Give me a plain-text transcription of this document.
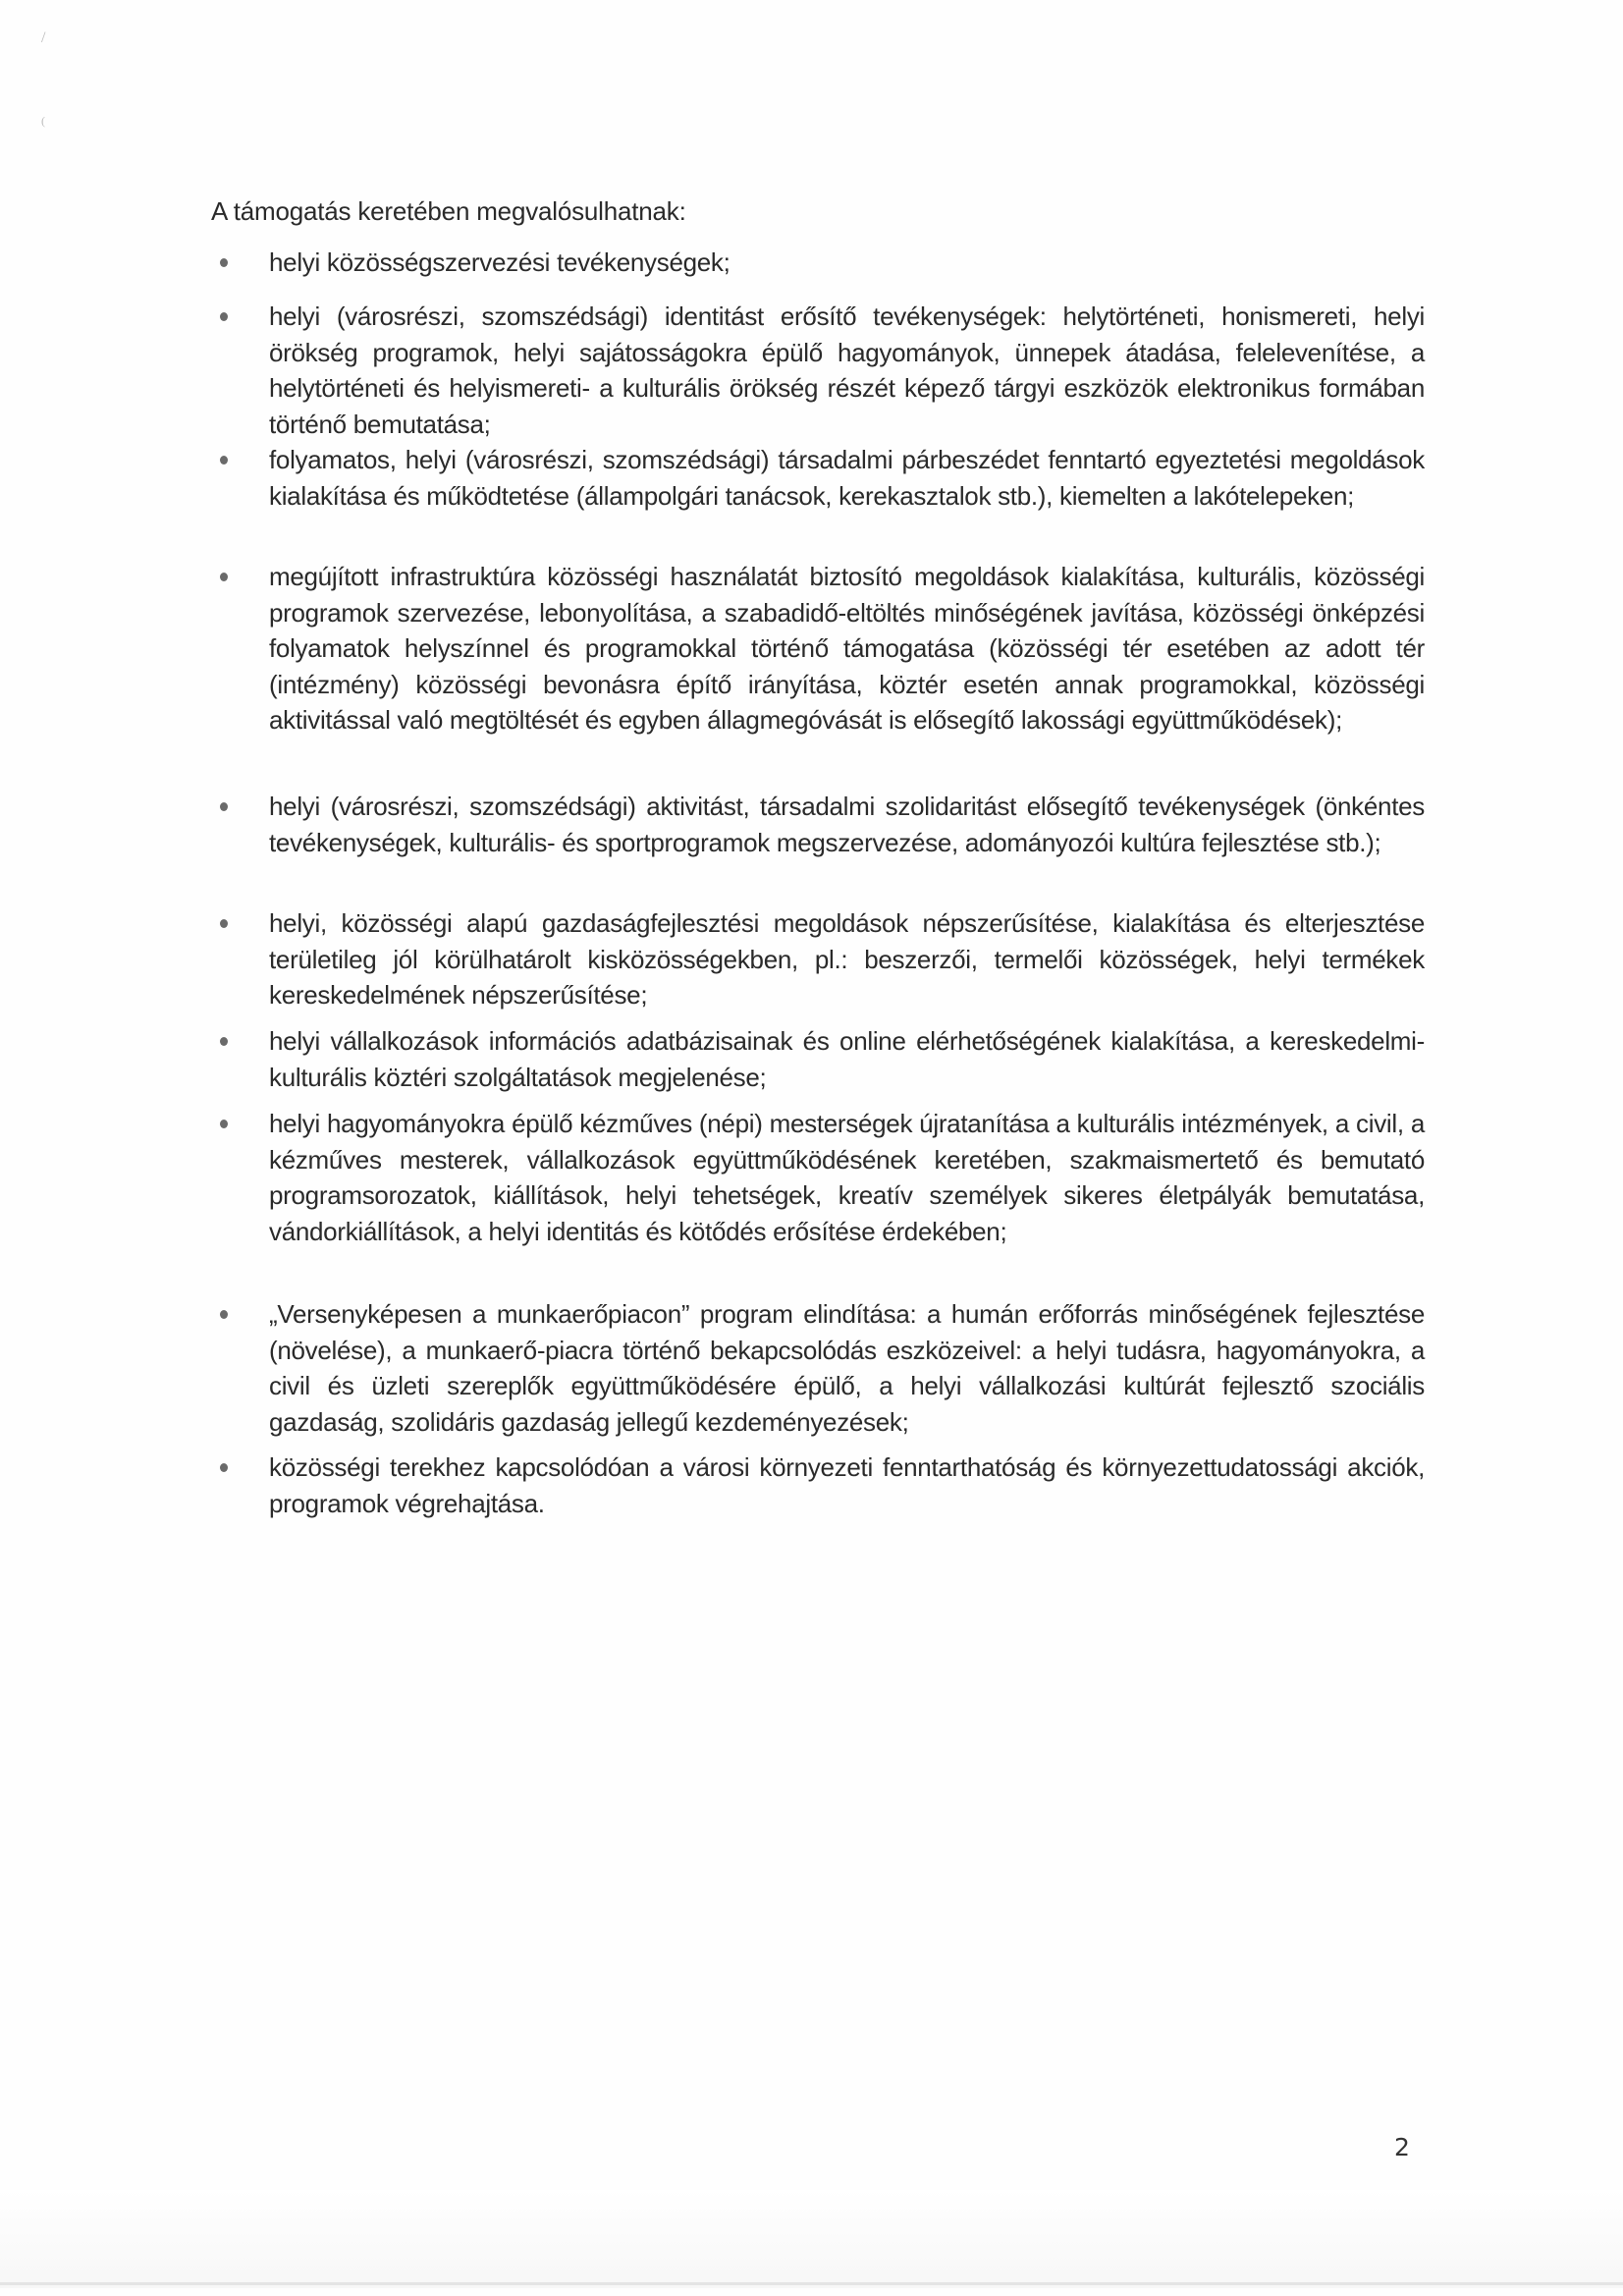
/
(
A támogatás keretében megvalósulhatnak:
helyi közösségszervezési tevékenységek;
helyi (városrészi, szomszédsági) identitást erősítő tevékenységek: helytörténeti, honismereti, helyi örökség programok, helyi sajátosságokra épülő hagyományok, ünnepek átadása, felelevenítése, a helytörténeti és helyismereti- a kulturális örökség részét képező tárgyi eszközök elektronikus formában történő bemutatása;
folyamatos, helyi (városrészi, szomszédsági) társadalmi párbeszédet fenntartó egyeztetési megoldások kialakítása és működtetése (állampolgári tanácsok, kerekasztalok stb.), kiemelten a lakótelepeken;
megújított infrastruktúra közösségi használatát biztosító megoldások kialakítása, kulturális, közösségi programok szervezése, lebonyolítása, a szabadidő-eltöltés minőségének javítása, közösségi önképzési folyamatok helyszínnel és programokkal történő támogatása (közösségi tér esetében az adott tér (intézmény) közösségi bevonásra építő irányítása, köztér esetén annak programokkal, közösségi aktivitással való megtöltését és egyben állagmegóvását is elősegítő lakossági együttműködések);
helyi (városrészi, szomszédsági) aktivitást, társadalmi szolidaritást elősegítő tevékenységek (önkéntes tevékenységek, kulturális- és sportprogramok megszervezése, adományozói kultúra fejlesztése stb.);
helyi, közösségi alapú gazdaságfejlesztési megoldások népszerűsítése, kialakítása és elterjesztése területileg jól körülhatárolt kisközösségekben, pl.: beszerzői, termelői közösségek, helyi termékek kereskedelmének népszerűsítése;
helyi vállalkozások információs adatbázisainak és online elérhetőségének kialakítása, a kereskedelmi-kulturális köztéri szolgáltatások megjelenése;
helyi hagyományokra épülő kézműves (népi) mesterségek újratanítása a kulturális intézmények, a civil, a kézműves mesterek, vállalkozások együttműködésének keretében, szakmaismertető és bemutató programsorozatok, kiállítások, helyi tehetségek, kreatív személyek sikeres életpályák bemutatása, vándorkiállítások, a helyi identitás és kötődés erősítése érdekében;
„Versenyképesen a munkaerőpiacon” program elindítása: a humán erőforrás minőségének fejlesztése (növelése), a munkaerő-piacra történő bekapcsolódás eszközeivel: a helyi tudásra, hagyományokra, a civil és üzleti szereplők együttműködésére épülő, a helyi vállalkozási kultúrát fejlesztő szociális gazdaság, szolidáris gazdaság jellegű kezdeményezések;
közösségi terekhez kapcsolódóan a városi környezeti fenntarthatóság és környezettudatossági akciók, programok végrehajtása.
2
